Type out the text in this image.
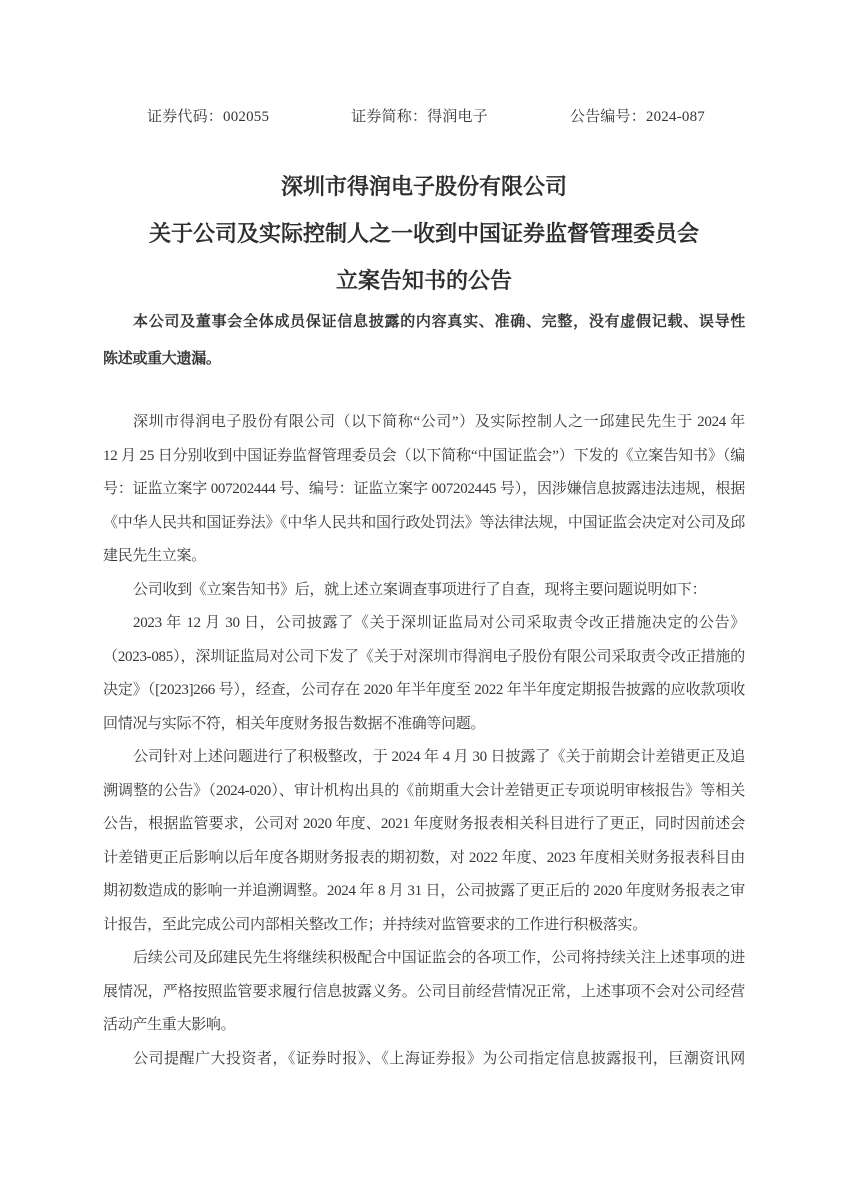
证券代码：002055	证券简称：得润电子	公告编号：2024-087
深圳市得润电子股份有限公司
关于公司及实际控制人之一收到中国证券监督管理委员会
立案告知书的公告
本公司及董事会全体成员保证信息披露的内容真实、准确、完整，没有虚假记载、误导性
陈述或重大遗漏。
深圳市得润电子股份有限公司（以下简称“公司”）及实际控制人之一邱建民先生于 2024 年
12 月 25 日分别收到中国证券监督管理委员会（以下简称“中国证监会”）下发的《立案告知书》（编
号：证监立案字 007202444 号、编号：证监立案字 007202445 号），因涉嫌信息披露违法违规，根据
《中华人民共和国证券法》《中华人民共和国行政处罚法》等法律法规，中国证监会决定对公司及邱
建民先生立案。
公司收到《立案告知书》后，就上述立案调查事项进行了自查，现将主要问题说明如下：
2023 年 12 月 30 日，公司披露了《关于深圳证监局对公司采取责令改正措施决定的公告》
（2023-085），深圳证监局对公司下发了《关于对深圳市得润电子股份有限公司采取责令改正措施的
决定》（[2023]266 号），经查，公司存在 2020 年半年度至 2022 年半年度定期报告披露的应收款项收
回情况与实际不符，相关年度财务报告数据不准确等问题。
公司针对上述问题进行了积极整改，于 2024 年 4 月 30 日披露了《关于前期会计差错更正及追
溯调整的公告》（2024-020）、审计机构出具的《前期重大会计差错更正专项说明审核报告》等相关
公告，根据监管要求，公司对 2020 年度、2021 年度财务报表相关科目进行了更正，同时因前述会
计差错更正后影响以后年度各期财务报表的期初数，对 2022 年度、2023 年度相关财务报表科目由
期初数造成的影响一并追溯调整。2024 年 8 月 31 日，公司披露了更正后的 2020 年度财务报表之审
计报告，至此完成公司内部相关整改工作；并持续对监管要求的工作进行积极落实。
后续公司及邱建民先生将继续积极配合中国证监会的各项工作，公司将持续关注上述事项的进
展情况，严格按照监管要求履行信息披露义务。公司目前经营情况正常，上述事项不会对公司经营
活动产生重大影响。
公司提醒广大投资者，《证券时报》、《上海证券报》为公司指定信息披露报刊，巨潮资讯网
